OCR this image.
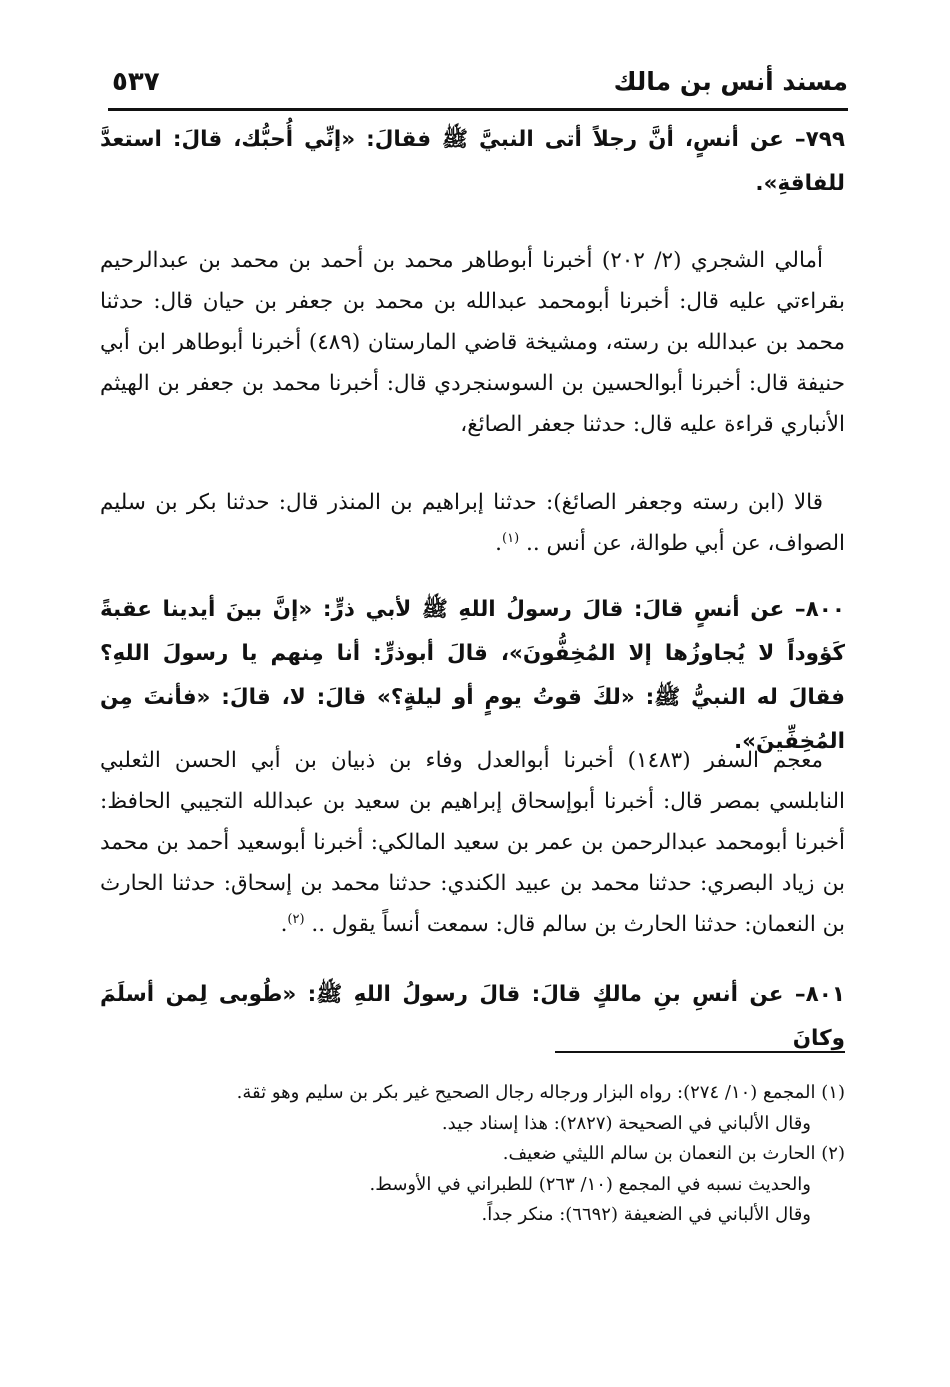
مسند أنس بن مالك
٥٣٧

٧٩٩– عن أنسٍ، أنَّ رجلاً أتى النبيَّ ﷺ فقالَ: «إنِّي أُحبُّك، قالَ: استعدَّ للفاقةِ».

أمالي الشجري (٢/ ٢٠٢) أخبرنا أبوطاهر محمد بن أحمد بن محمد بن عبدالرحيم بقراءتي عليه قال: أخبرنا أبومحمد عبدالله بن محمد بن جعفر بن حيان قال: حدثنا محمد بن عبدالله بن رسته، ومشيخة قاضي المارستان (٤٨٩) أخبرنا أبوطاهر ابن أبي حنيفة قال: أخبرنا أبوالحسين بن السوسنجردي قال: أخبرنا محمد بن جعفر بن الهيثم الأنباري قراءة عليه قال: حدثنا جعفر الصائغ،

قالا (ابن رسته وجعفر الصائغ): حدثنا إبراهيم بن المنذر قال: حدثنا بكر بن سليم الصواف، عن أبي طوالة، عن أنس .. $^{(١)}$.

٨٠٠– عن أنسٍ قالَ: قالَ رسولُ اللهِ ﷺ لأبي ذرٍّ: «إنَّ بينَ أيدينا عقبةً كَؤوداً لا يُجاوزُها إلا المُخِفُّونَ»، قالَ أبوذرٍّ: أنا مِنهم يا رسولَ اللهِ؟ فقالَ له النبيُّ ﷺ: «لكَ قوتُ يومٍ أو ليلةٍ؟» قالَ: لا، قالَ: «فأنتَ مِن المُخِفِّينَ».

معجم السفر (١٤٨٣) أخبرنا أبوالعدل وفاء بن ذبيان بن أبي الحسن الثعلبي النابلسي بمصر قال: أخبرنا أبوإسحاق إبراهيم بن سعيد بن عبدالله التجيبي الحافظ: أخبرنا أبومحمد عبدالرحمن بن عمر بن سعيد المالكي: أخبرنا أبوسعيد أحمد بن محمد بن زياد البصري: حدثنا محمد بن عبيد الكندي: حدثنا محمد بن إسحاق: حدثنا الحارث بن النعمان: حدثنا الحارث بن سالم قال: سمعت أنساً يقول .. $^{(٢)}$.

٨٠١– عن أنسِ بنِ مالكٍ قالَ: قالَ رسولُ اللهِ ﷺ: «طُوبى لِمن أسلَمَ وكانَ

(١) المجمع (١٠/ ٢٧٤): رواه البزار ورجاله رجال الصحيح غير بكر بن سليم وهو ثقة.
وقال الألباني في الصحيحة (٢٨٢٧): هذا إسناد جيد.
(٢) الحارث بن النعمان بن سالم الليثي ضعيف.
والحديث نسبه في المجمع (١٠/ ٢٦٣) للطبراني في الأوسط.
وقال الألباني في الضعيفة (٦٦٩٢): منكر جداً.
